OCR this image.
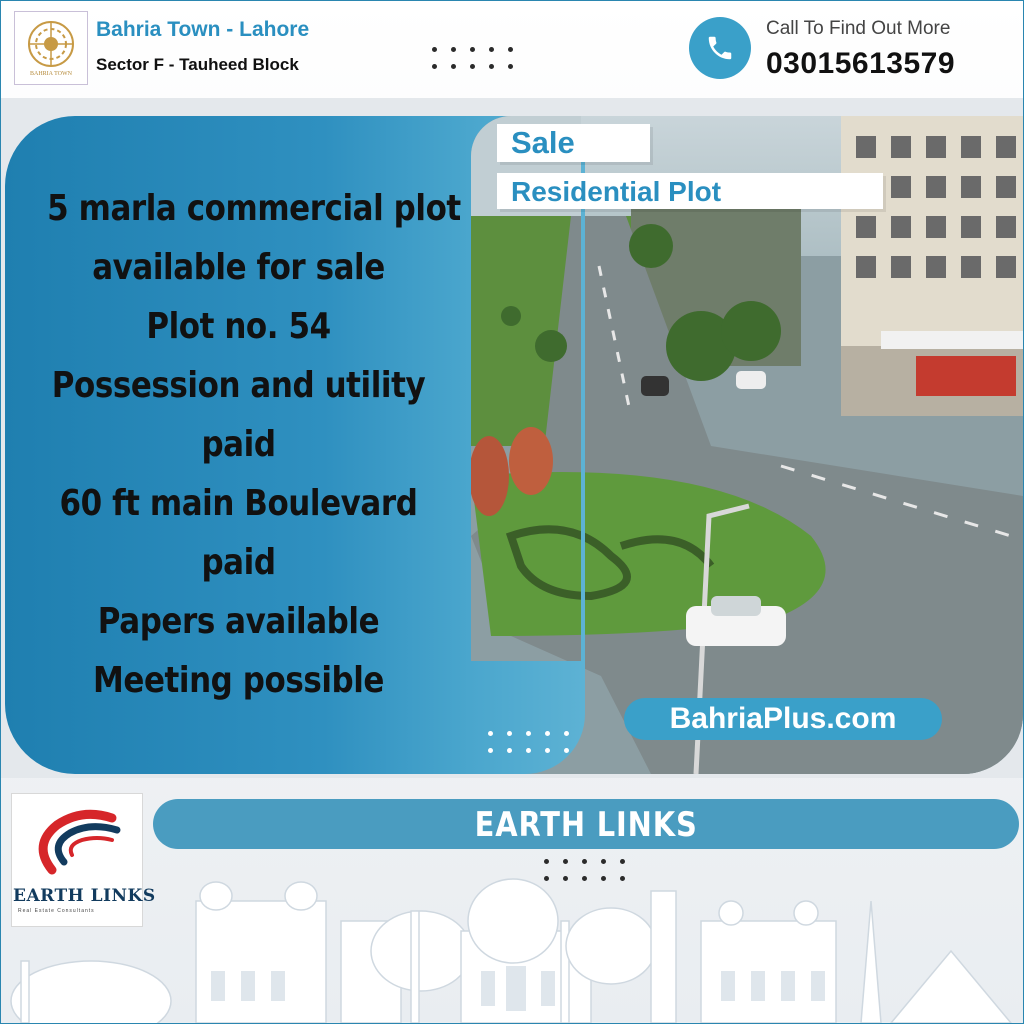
BAHRIA TOWN
Bahria Town - Lahore
Sector F - Tauheed Block
Call To Find Out More
03015613579
5 marla commercial plot
available for sale
Plot no. 54
Possession and utility
paid
60 ft main Boulevard
paid
Papers available
Meeting possible
Sale
Residential Plot
BahriaPlus.com
EARTH LINKS
Real Estate Consultants
EARTH LINKS
